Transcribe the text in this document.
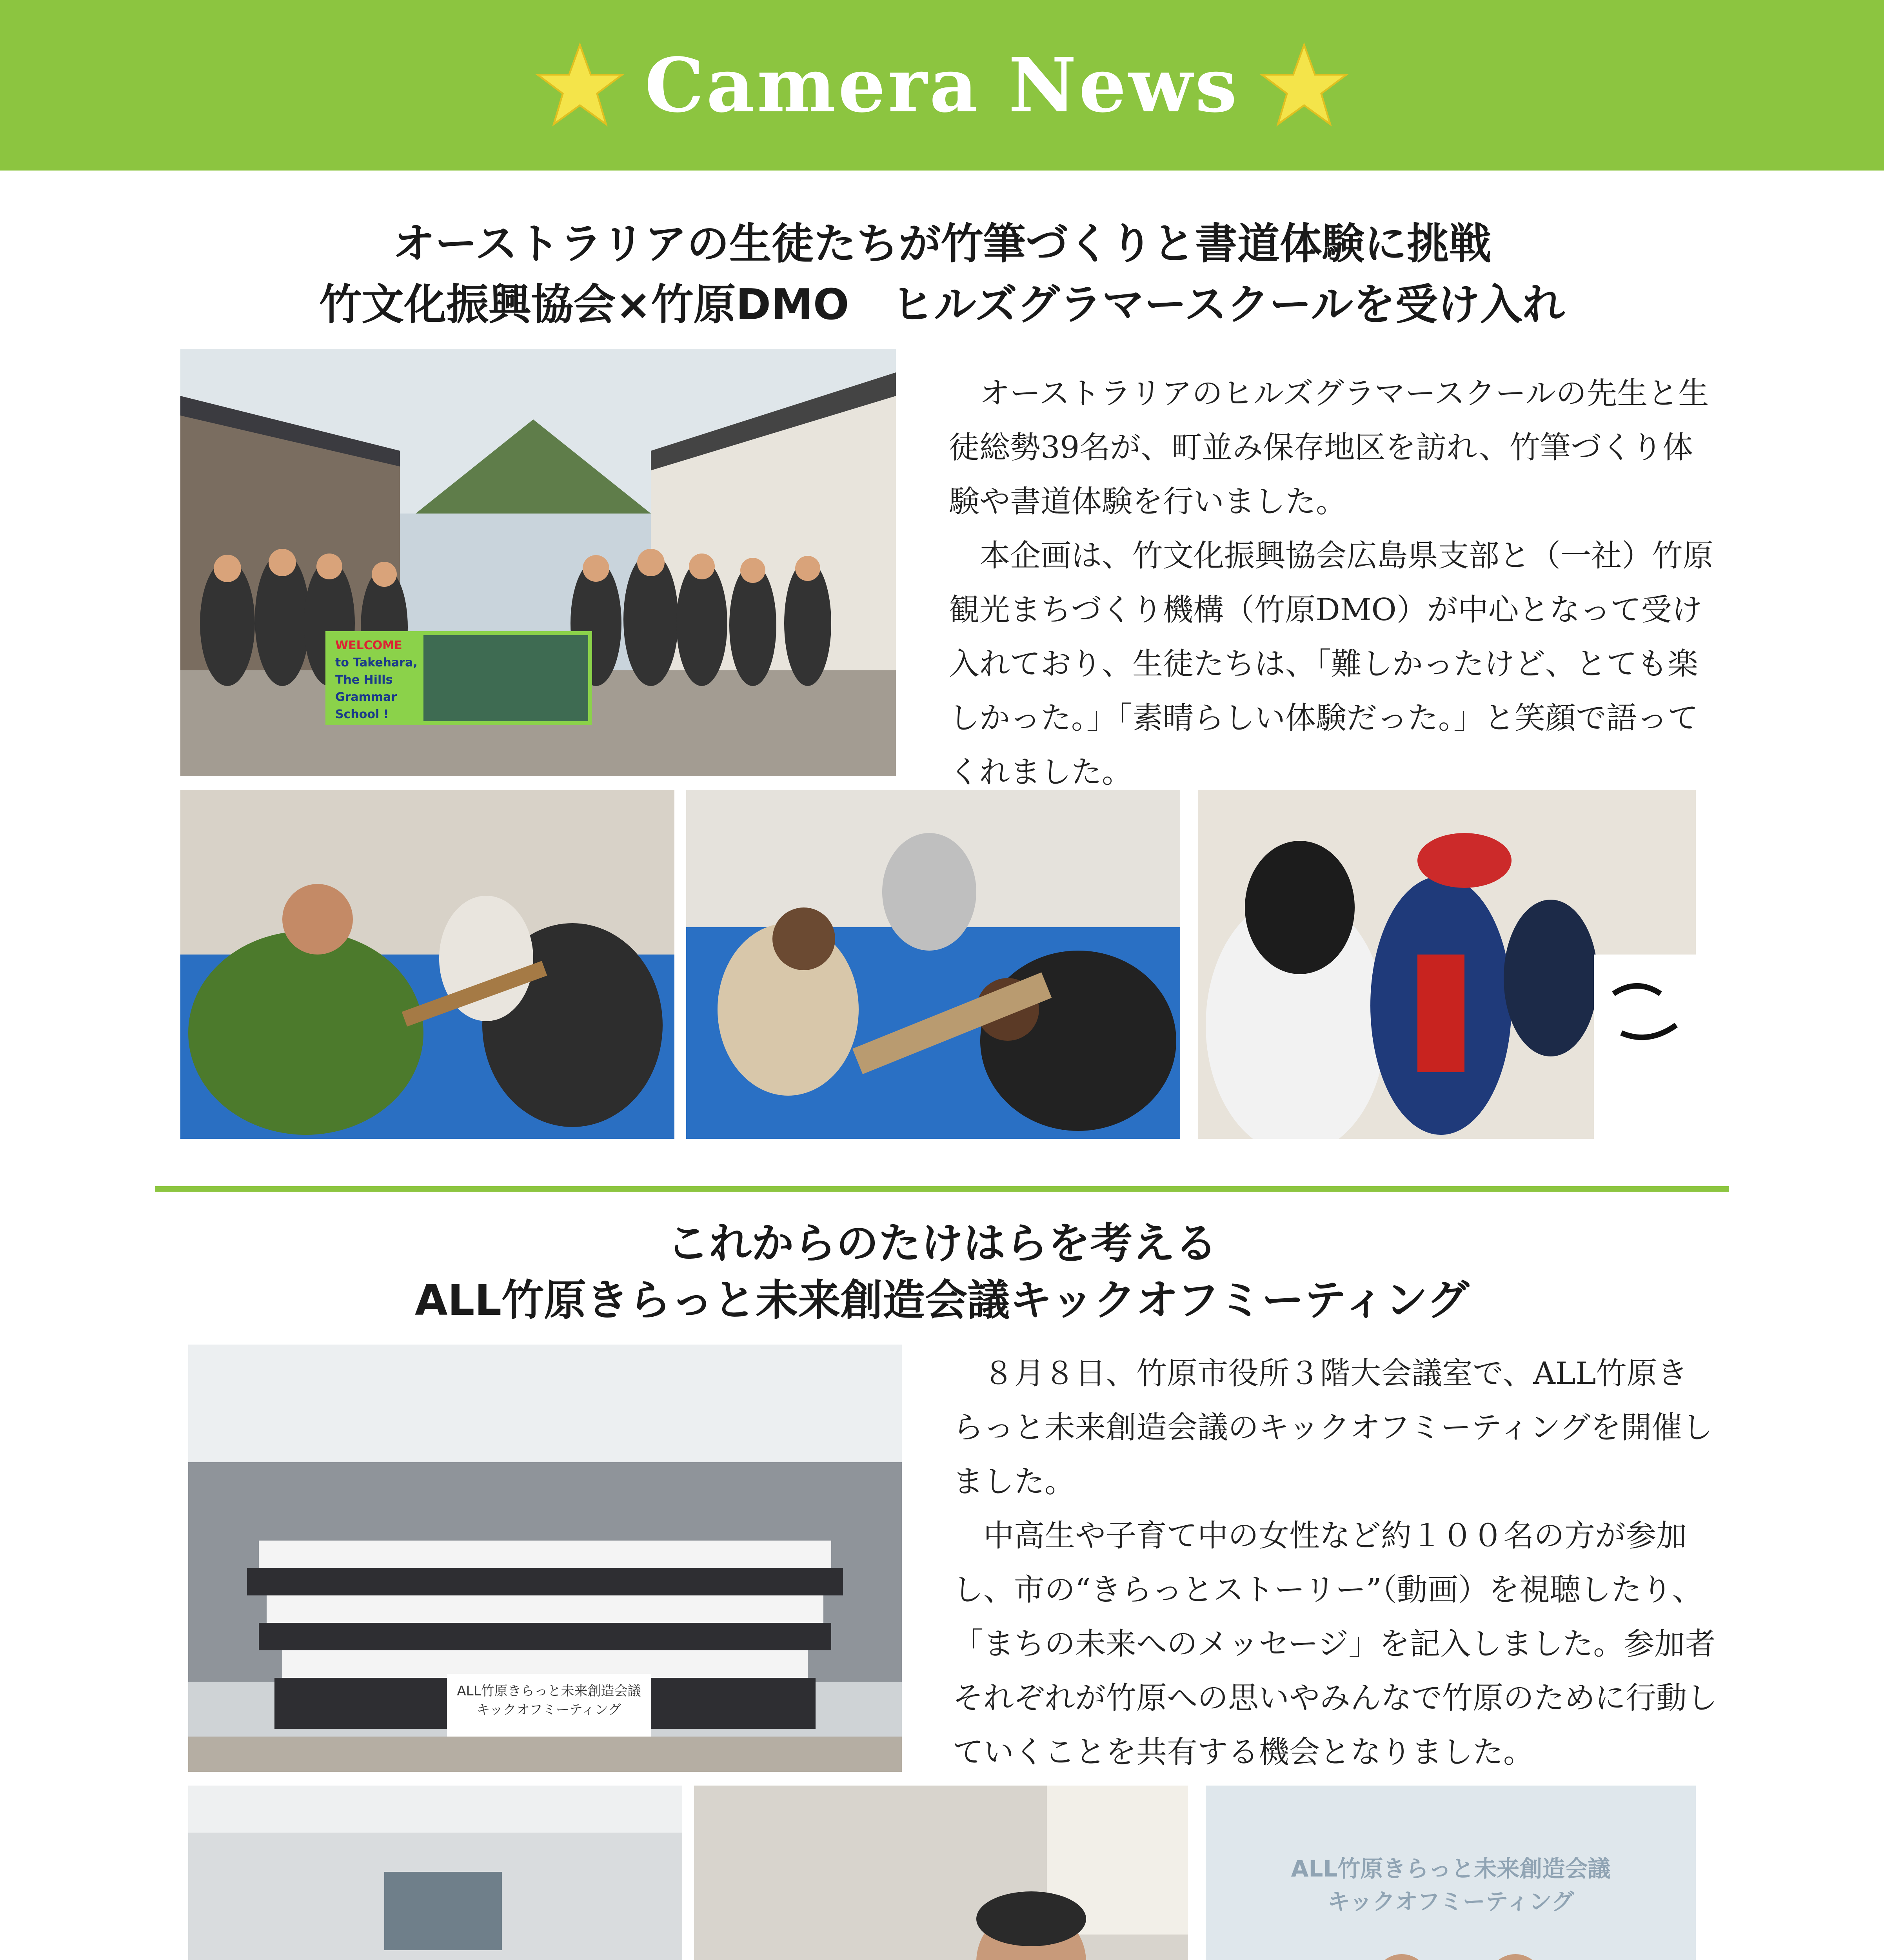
Camera News
オーストラリアの生徒たちが竹筆づくりと書道体験に挑戦
竹文化振興協会×竹原DMO　ヒルズグラマースクールを受け入れ
WELCOME
to Takehara,
The Hills
Grammar School !

オーストラリアのヒルズグラマースクールの先生と生徒総勢39名が、町並み保存地区を訪れ、竹筆づくり体験や書道体験を行いました。

本企画は、竹文化振興協会広島県支部と（一社）竹原観光まちづくり機構（竹原DMO）が中心となって受け入れており、生徒たちは、「難しかったけど、とても楽しかった。」「素晴らしい体験だった。」と笑顔で語ってくれました。

これからのたけはらを考える
ALL竹原きらっと未来創造会議キックオフミーティング
ALL竹原きらっと未来創造会議
キックオフミーティング

８月８日、竹原市役所３階大会議室で、ALL竹原きらっと未来創造会議のキックオフミーティングを開催しました。

中高生や子育て中の女性など約１００名の方が参加し、市の“きらっとストーリー”（動画）を視聴したり、「まちの未来へのメッセージ」を記入しました。参加者それぞれが竹原への思いやみんなで竹原のために行動していくことを共有する機会となりました。

ALL竹原きらっと未来創造会議
キックオフミーティング
